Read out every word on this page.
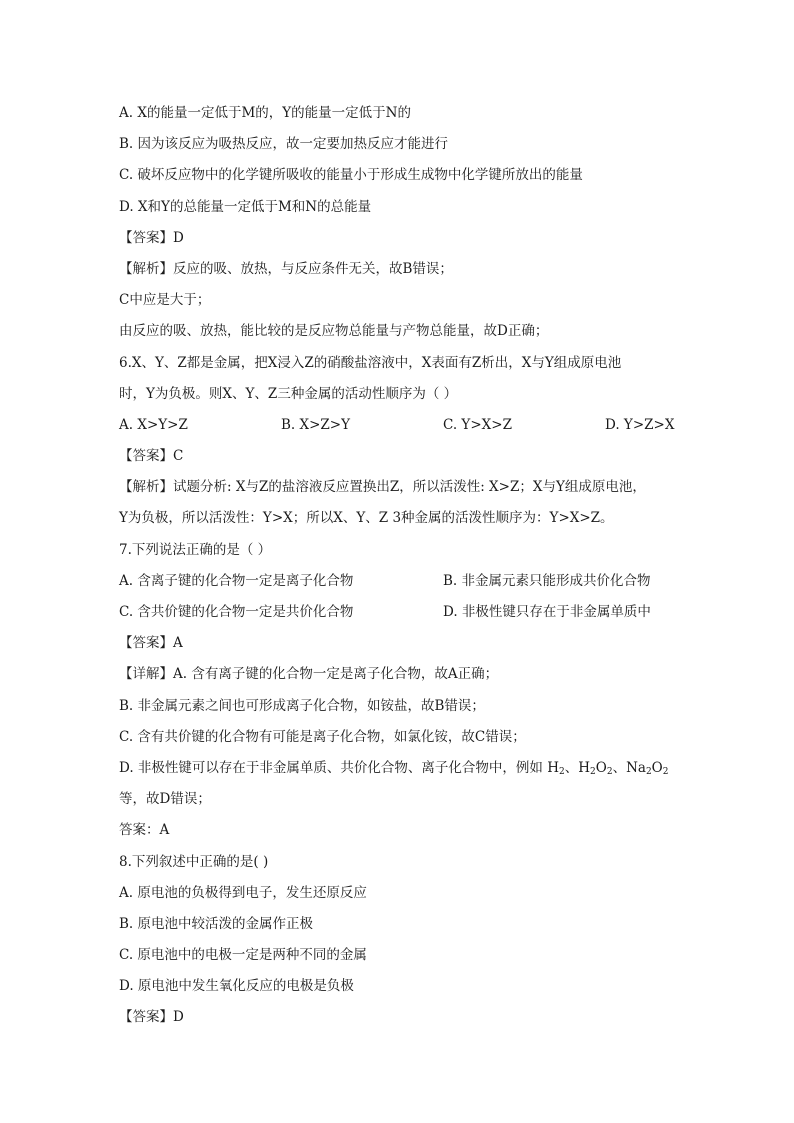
A. X的能量一定低于M的，Y的能量一定低于N的
B. 因为该反应为吸热反应，故一定要加热反应才能进行
C. 破坏反应物中的化学键所吸收的能量小于形成生成物中化学键所放出的能量
D. X和Y的总能量一定低于M和N的总能量
【答案】D
【解析】反应的吸、放热，与反应条件无关，故B错误；
C中应是大于；
由反应的吸、放热，能比较的是反应物总能量与产物总能量，故D正确；
6.X、Y、Z都是金属，把X浸入Z的硝酸盐溶液中，X表面有Z析出，X与Y组成原电池
时，Y为负极。则X、Y、Z三种金属的活动性顺序为（ ）
A. X>Y>Z	B. X>Z>Y	C. Y>X>Z	D. Y>Z>X
【答案】C
【解析】试题分析: X与Z的盐溶液反应置换出Z，所以活泼性: X>Z；X与Y组成原电池，
Y为负极，所以活泼性：Y>X；所以X、Y、Z 3种金属的活泼性顺序为：Y>X>Z。
7.下列说法正确的是（ ）
A. 含离子键的化合物一定是离子化合物	B. 非金属元素只能形成共价化合物
C. 含共价键的化合物一定是共价化合物	D. 非极性键只存在于非金属单质中
【答案】A
【详解】A. 含有离子键的化合物一定是离子化合物，故A正确；
B. 非金属元素之间也可形成离子化合物，如铵盐，故B错误；
C. 含有共价键的化合物有可能是离子化合物，如氯化铵，故C错误；
D. 非极性键可以存在于非金属单质、共价化合物、离子化合物中，例如 $H_2$、$H_2O_2$、$Na_2O_2$
等，故D错误；
答案：A
8.下列叙述中正确的是( )
A. 原电池的负极得到电子，发生还原反应
B. 原电池中较活泼的金属作正极
C. 原电池中的电极一定是两种不同的金属
D. 原电池中发生氧化反应的电极是负极
【答案】D
